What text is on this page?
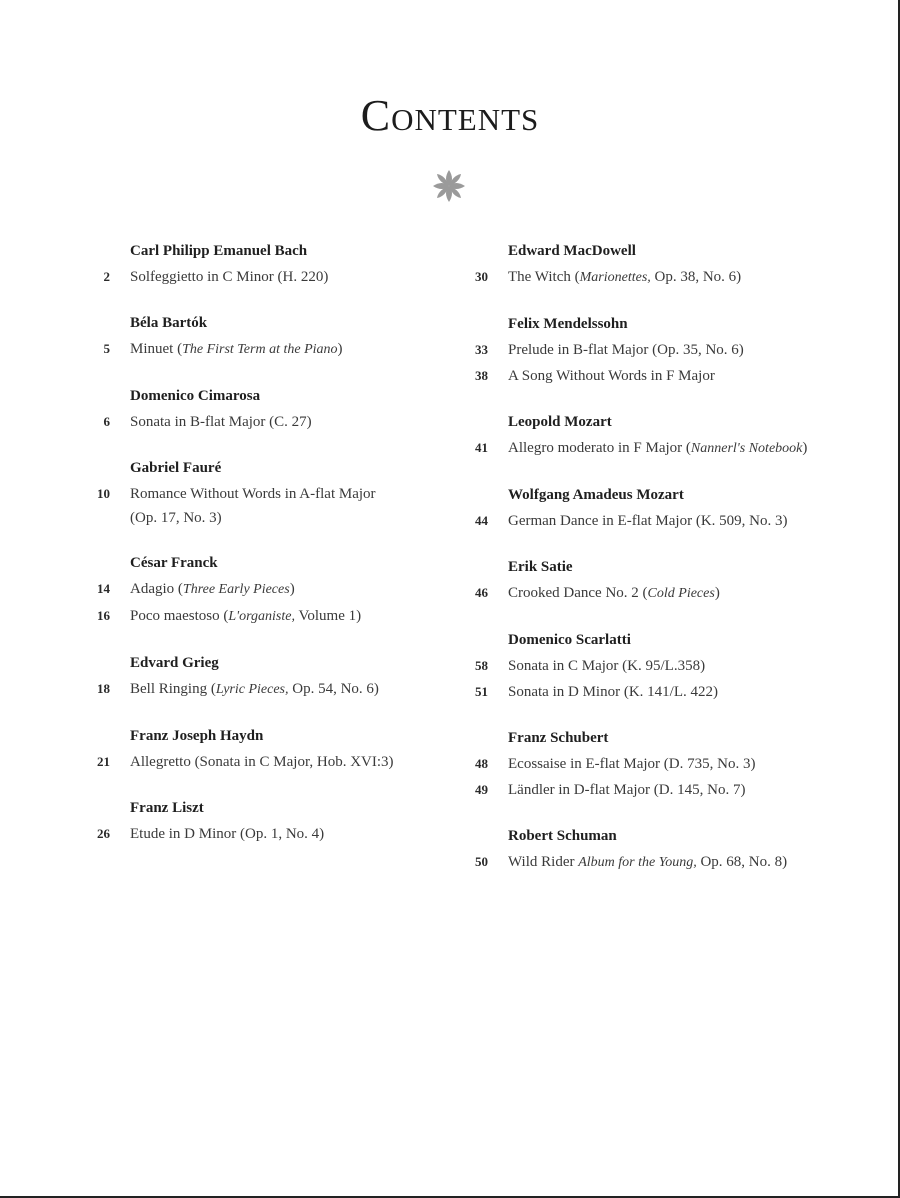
Contents
Carl Philipp Emanuel Bach
2 Solfeggietto in C Minor (H. 220)
Béla Bartók
5 Minuet (The First Term at the Piano)
Domenico Cimarosa
6 Sonata in B-flat Major (C. 27)
Gabriel Fauré
10 Romance Without Words in A-flat Major
(Op. 17, No. 3)
César Franck
14 Adagio (Three Early Pieces)
16 Poco maestoso (L'organiste, Volume 1)
Edvard Grieg
18 Bell Ringing (Lyric Pieces, Op. 54, No. 6)
Franz Joseph Haydn
21 Allegretto (Sonata in C Major, Hob. XVI:3)
Franz Liszt
26 Etude in D Minor (Op. 1, No. 4)
Edward MacDowell
30 The Witch (Marionettes, Op. 38, No. 6)
Felix Mendelssohn
33 Prelude in B-flat Major (Op. 35, No. 6)
38 A Song Without Words in F Major
Leopold Mozart
41 Allegro moderato in F Major (Nannerl's Notebook)
Wolfgang Amadeus Mozart
44 German Dance in E-flat Major (K. 509, No. 3)
Erik Satie
46 Crooked Dance No. 2 (Cold Pieces)
Domenico Scarlatti
58 Sonata in C Major (K. 95/L.358)
51 Sonata in D Minor (K. 141/L. 422)
Franz Schubert
48 Ecossaise in E-flat Major (D. 735, No. 3)
49 Ländler in D-flat Major (D. 145, No. 7)
Robert Schuman
50 Wild Rider Album for the Young, Op. 68, No. 8)
